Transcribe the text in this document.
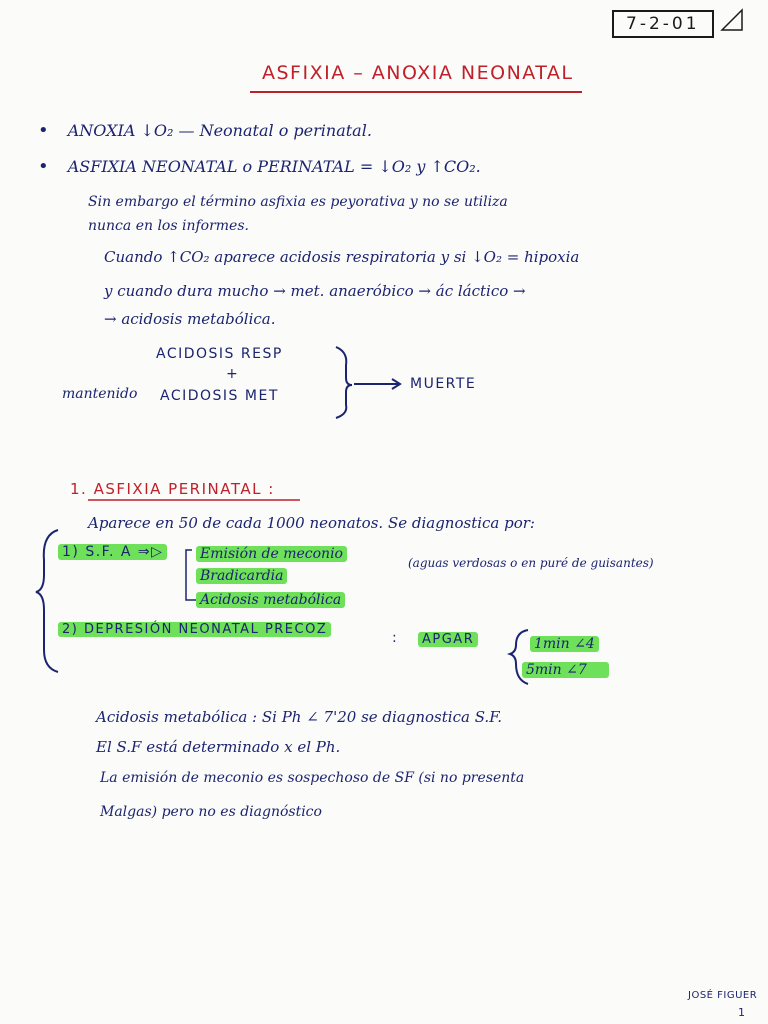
7-2-01
ASFIXIA – ANOXIA NEONATAL
• ANOXIA ↓O₂ — Neonatal o perinatal.
• ASFIXIA NEONATAL o PERINATAL = ↓O₂ y ↑CO₂.
Sin embargo el término asfixia es peyorativa y no se utiliza
nunca en los informes.
Cuando ↑CO₂ aparece acidosis respiratoria y si ↓O₂ = hipoxia
y cuando dura mucho → met. anaeróbico → ác láctico →
→ acidosis metabólica.
ACIDOSIS RESP
+
mantenido ACIDOSIS MET
MUERTE
1. ASFIXIA PERINATAL :
Aparece en 50 de cada 1000 neonatos. Se diagnostica por:
1) S.F. A ⇒▷	Emisión de meconio
Bradicardia
Acidosis metabólica
(aguas verdosas o en puré de guisantes)
2) DEPRESIÓN NEONATAL PRECOZ
:	APGAR	1min ∠4
5min ∠7
Acidosis metabólica : Si Ph ∠ 7'20 se diagnostica S.F.
El S.F está determinado x el Ph.
La emisión de meconio es sospechoso de SF (si no presenta
Malgas) pero no es diagnóstico
JOSÉ FIGUER
1
